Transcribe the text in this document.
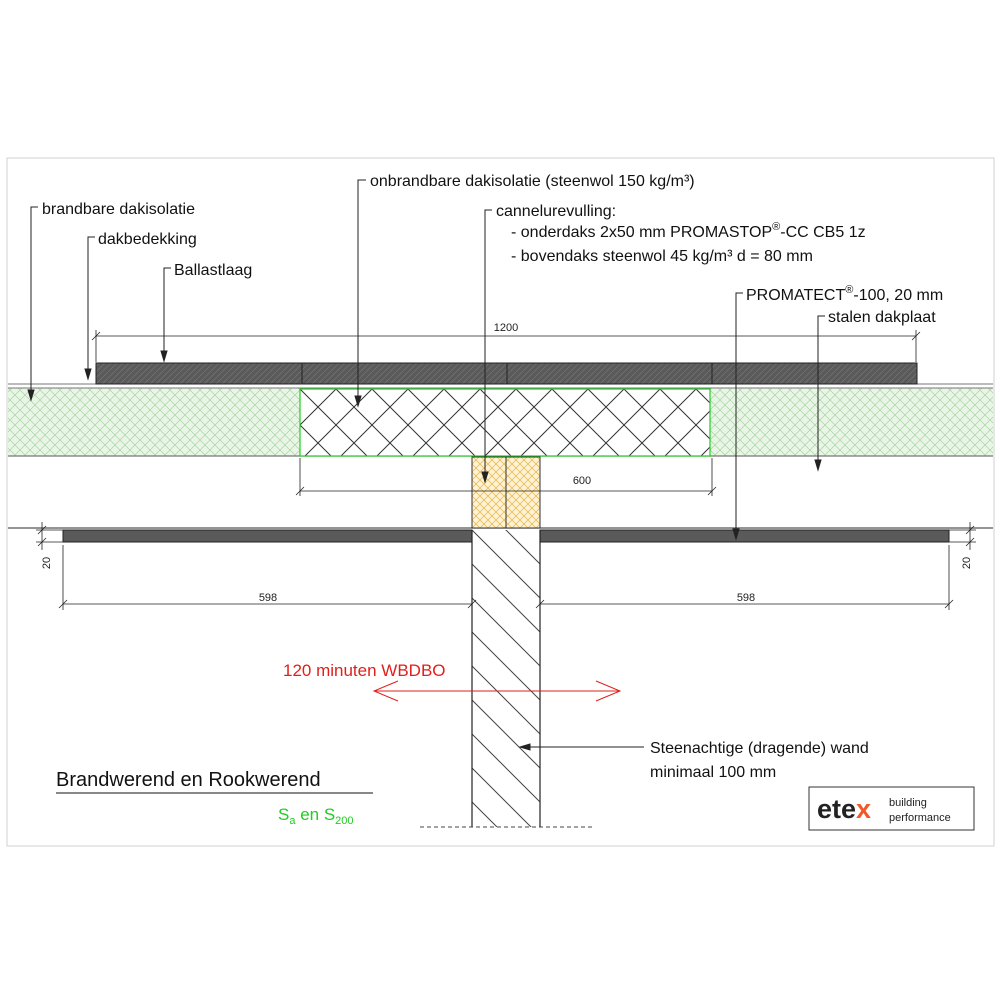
1200
600
598	598
20	20
onbrandbare dakisolatie (steenwol 150 kg/m³)
brandbare dakisolatie
dakbedekking
Ballastlaag
cannelurevulling:
- onderdaks 2x50 mm PROMASTOP®-CC CB5 1z
- bovendaks steenwol 45 kg/m³ d = 80 mm
PROMATECT®-100, 20 mm
stalen dakplaat
Steenachtige (dragende) wand
minimaal 100 mm
120 minuten WBDBO
Brandwerend en Rookwerend
$S_a$ en $S_{200}$	etex building
performance
